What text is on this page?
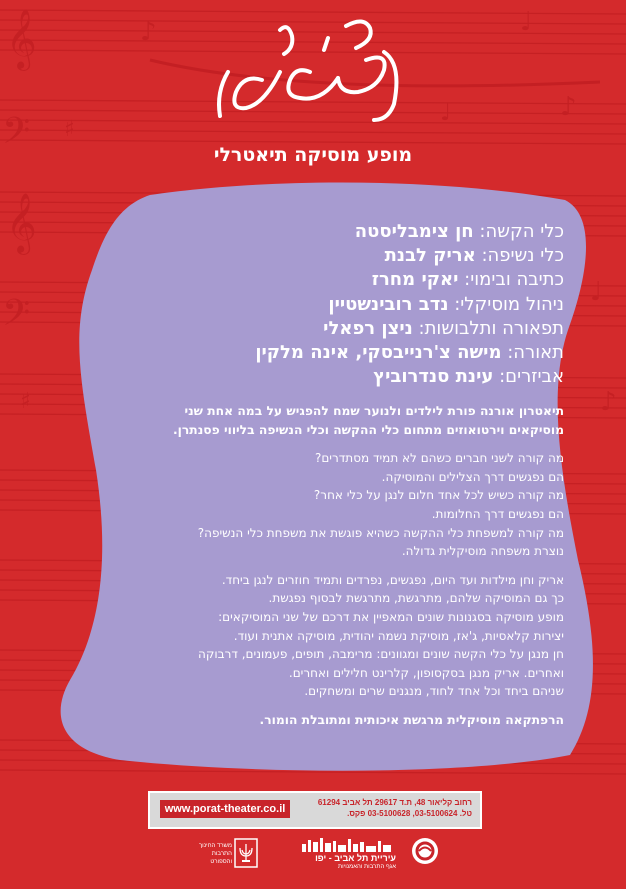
𝄞
𝄢
𝄞
𝄢
♯
♯
♪	♩
♪
♩
♩
♪
צליל משורש
מופע מוסיקה תיאטרלי
כלי הקשה: חן צימבליסטה
כלי נשיפה: אריק לבנת
כתיבה ובימוי: יאקי מחרז
ניהול מוסיקלי: נדב רובינשטיין
תפאורה ותלבושות: ניצן רפאלי
תאורה: מישה צ'רנייבסקי, אינה מלקין
אביזרים: עינת סנדרוביץ
תיאטרון אורנה פורת לילדים ולנוער שמח להפגיש על במה אחת שני
מוסיקאים וירטואוזים מתחום כלי ההקשה וכלי הנשיפה בליווי פסנתרן.
מה קורה לשני חברים כשהם לא תמיד מסתדרים?
הם נפגשים דרך הצלילים והמוסיקה.
מה קורה כשיש לכל אחד חלום לנגן על כלי אחר?
הם נפגשים דרך החלומות.
מה קורה למשפחת כלי ההקשה כשהיא פוגשת את משפחת כלי הנשיפה?
נוצרת משפחה מוסיקלית גדולה.
אריק וחן מילדות ועד היום, נפגשים, נפרדים ותמיד חוזרים לנגן ביחד.
כך גם המוסיקה שלהם, מתרגשת, מתרגשת לבסוף נפגשת.
מופע מוסיקה בסגנונות שונים המאפיין את דרכם של שני המוסיקאים:
יצירות קלאסיות, ג'אז, מוסיקת נשמה יהודית, מוסיקה אתנית ועוד.
חן מנגן על כלי הקשה שונים ומגוונים: מרימבה, תופים, פעמונים, דרבוקה
ואחרים. אריק מנגן בסקסופון, קלרינט חלילים ואחרים.
שניהם ביחד וכל אחד לחוד, מנגנים שרים ומשחקים.
הרפתקאה מוסיקלית מרגשת איכותית ומתובלת הומור.
www.porat-theater.co.il
רחוב קליאור 48, ת.ד 29617 תל אביב 61294
טל. 03-5100624, 03-5100628 פקס.
עיריית תל אביב - יפו
אגף התרבות והאמנויות
משרד החינוך התרבות והספורט
